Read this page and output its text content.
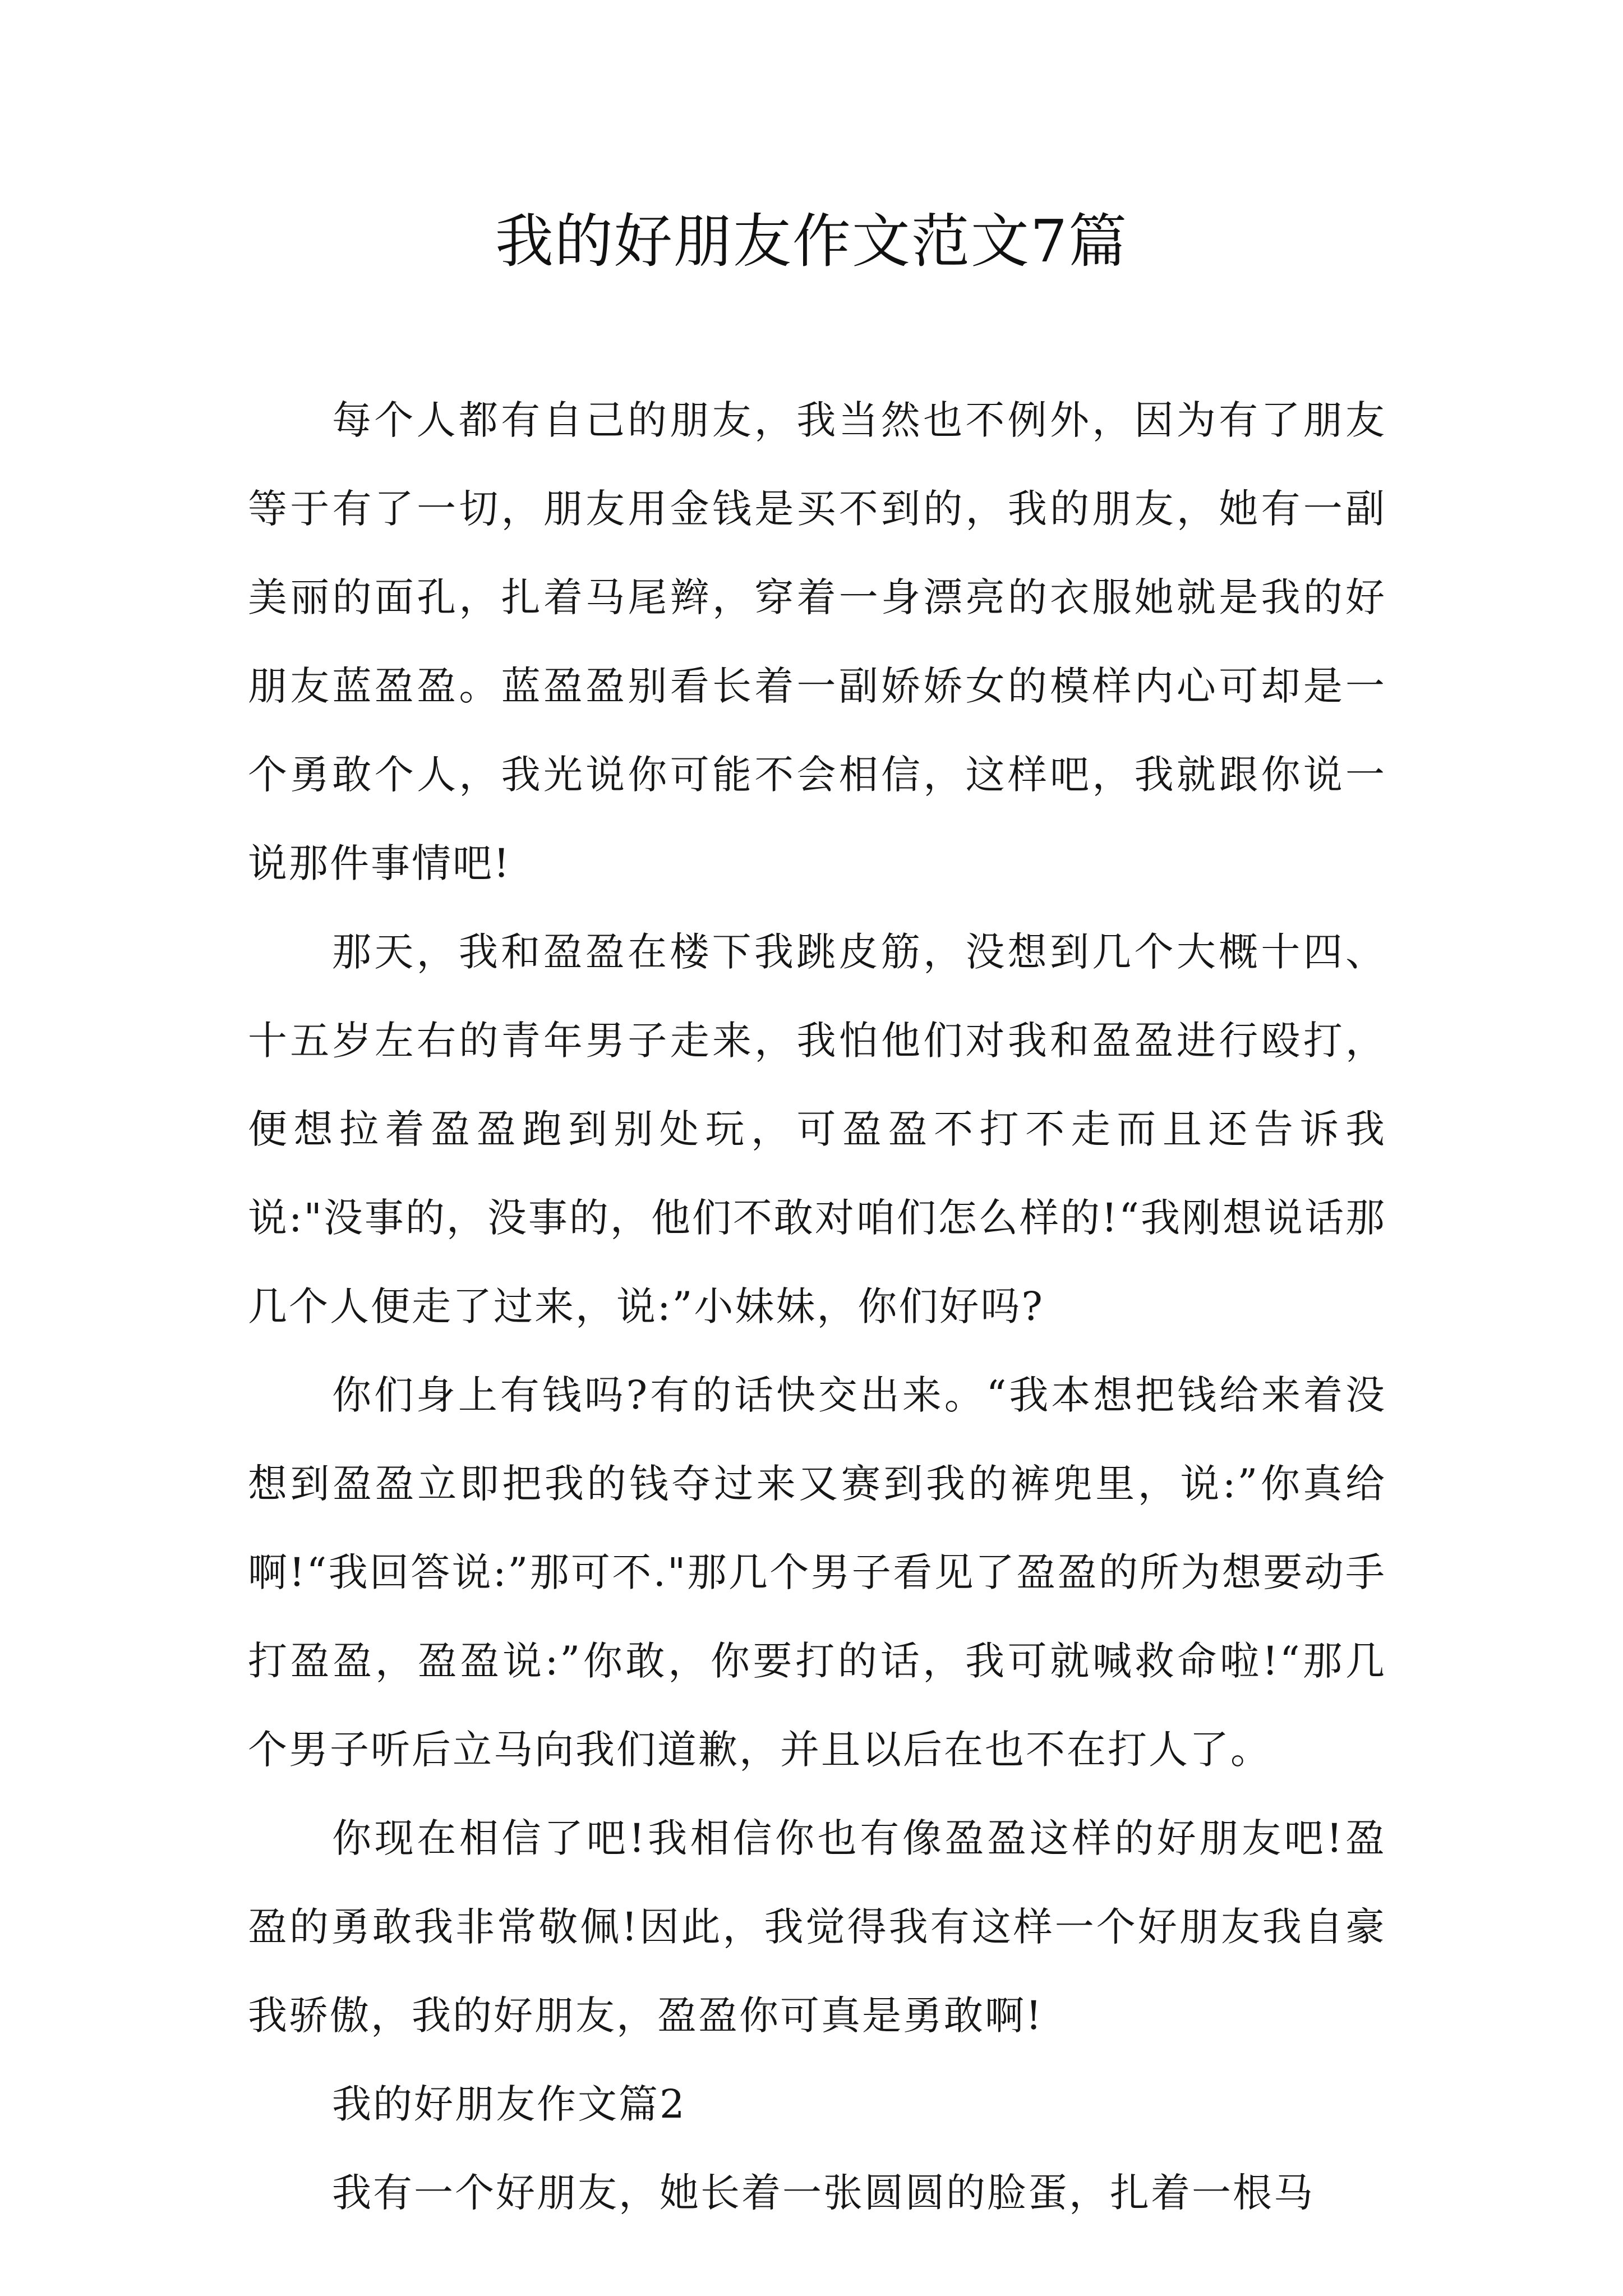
我的好朋友作文范文7篇

每个人都有自己的朋友，我当然也不例外，因为有了朋友等于有了一切，朋友用金钱是买不到的，我的朋友，她有一副美丽的面孔，扎着马尾辫，穿着一身漂亮的衣服她就是我的好朋友蓝盈盈。蓝盈盈别看长着一副娇娇女的模样内心可却是一个勇敢个人，我光说你可能不会相信，这样吧，我就跟你说一说那件事情吧!

那天，我和盈盈在楼下我跳皮筋，没想到几个大概十四、十五岁左右的青年男子走来，我怕他们对我和盈盈进行殴打，便想拉着盈盈跑到别处玩，可盈盈不打不走而且还告诉我说:"没事的，没事的，他们不敢对咱们怎么样的!“我刚想说话那几个人便走了过来，说:”小妹妹，你们好吗?

你们身上有钱吗?有的话快交出来。“我本想把钱给来着没想到盈盈立即把我的钱夺过来又赛到我的裤兜里，说:”你真给啊!“我回答说:”那可不."那几个男子看见了盈盈的所为想要动手打盈盈，盈盈说:”你敢，你要打的话，我可就喊救命啦!“那几个男子听后立马向我们道歉，并且以后在也不在打人了。

你现在相信了吧!我相信你也有像盈盈这样的好朋友吧!盈盈的勇敢我非常敬佩!因此，我觉得我有这样一个好朋友我自豪我骄傲，我的好朋友，盈盈你可真是勇敢啊!

我的好朋友作文篇2

我有一个好朋友，她长着一张圆圆的脸蛋，扎着一根马
